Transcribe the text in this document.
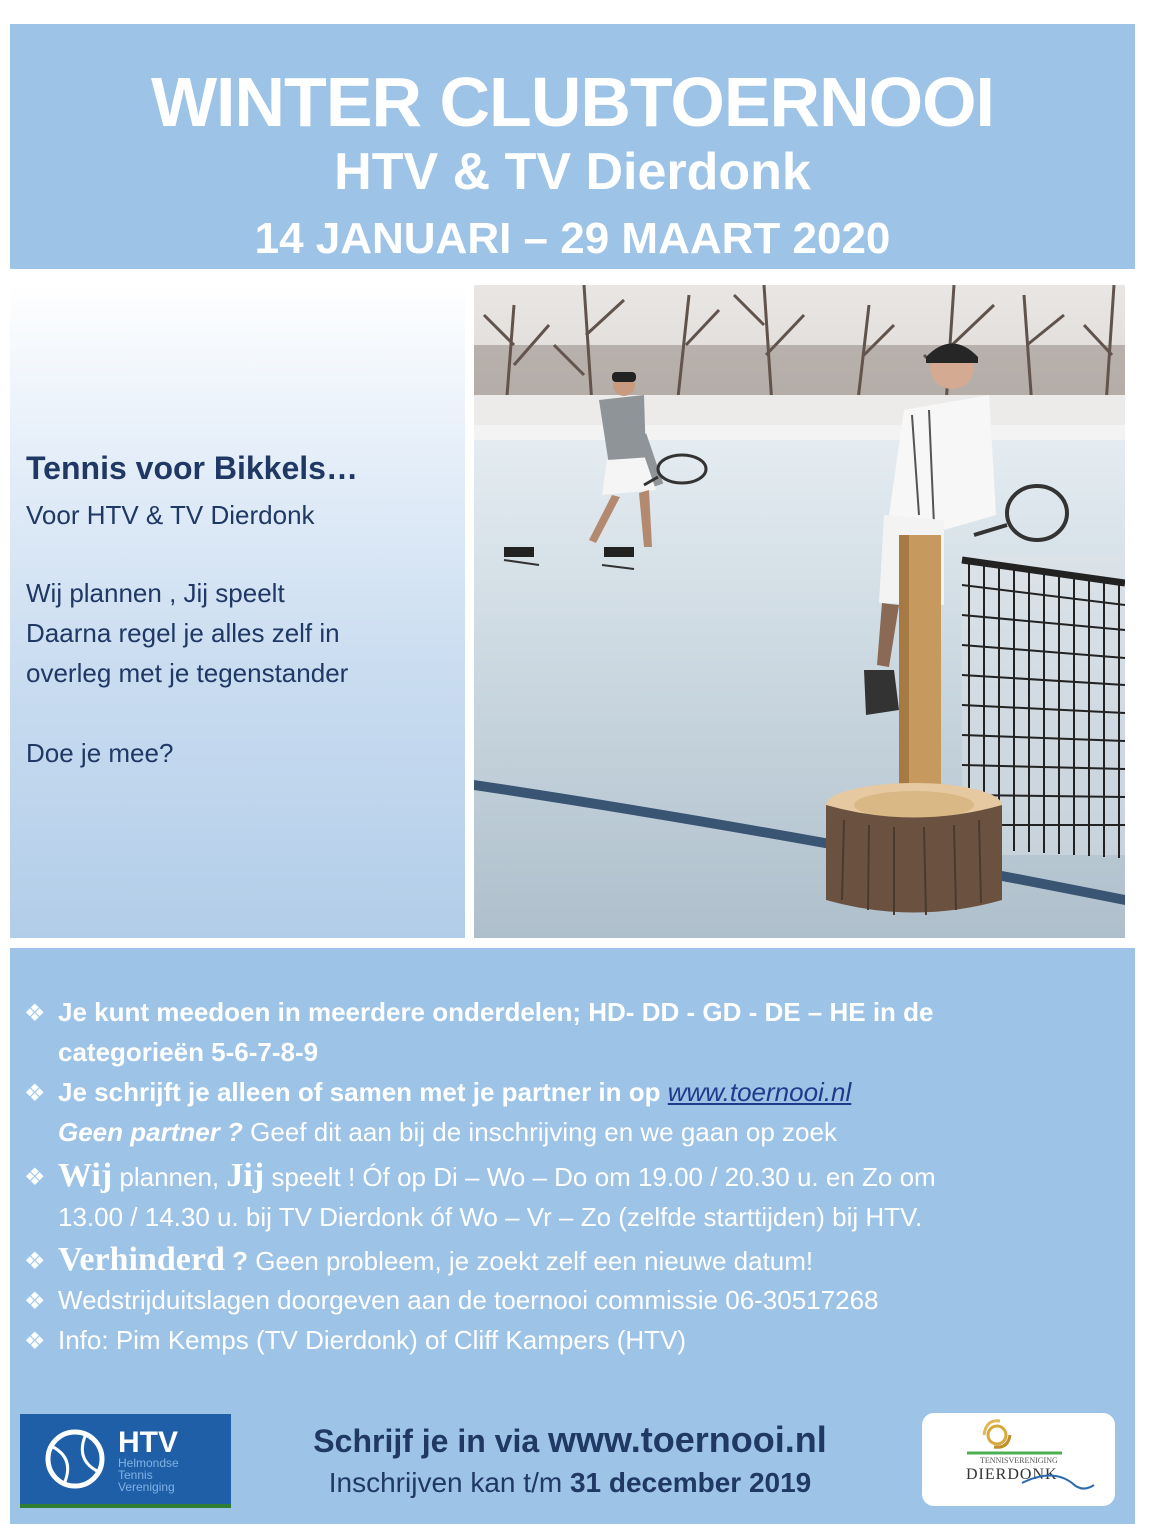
WINTER CLUBTOERNOOI
HTV & TV Dierdonk
14 JANUARI – 29 MAART 2020
Tennis voor Bikkels…
Voor HTV & TV Dierdonk
Wij plannen , Jij speelt
Daarna regel je alles zelf in
overleg met je tegenstander
Doe je mee?
❖ Je kunt meedoen in meerdere onderdelen; HD- DD - GD - DE – HE in de
categorieën 5-6-7-8-9
❖ Je schrijft je alleen of samen met je partner in op www.toernooi.nl
Geen partner ? Geef dit aan bij de inschrijving en we gaan op zoek
❖ Wij plannen, Jij speelt ! Óf op Di – Wo – Do om 19.00 / 20.30 u. en Zo om
13.00 / 14.30 u. bij TV Dierdonk óf Wo – Vr – Zo (zelfde starttijden) bij HTV.
❖ Verhinderd ? Geen probleem, je zoekt zelf een nieuwe datum!
❖ Wedstrijduitslagen doorgeven aan de toernooi commissie 06-30517268
❖ Info: Pim Kemps (TV Dierdonk) of Cliff Kampers (HTV)
HTV
Helmondse
Tennis
Vereniging
Schrijf je in via www.toernooi.nl
Inschrijven kan t/m 31 december 2019
TENNISVERENIGING
DIERDONK
